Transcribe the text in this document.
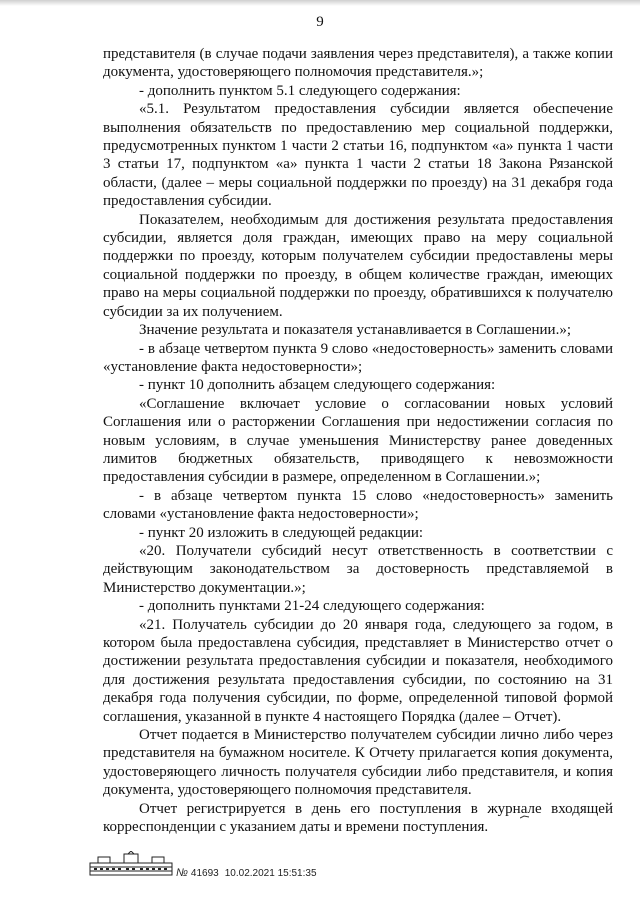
9

представителя (в случае подачи заявления через представителя), а также копии документа, удостоверяющего полномочия представителя.»;

- дополнить пунктом 5.1 следующего содержания:

«5.1. Результатом предоставления субсидии является обеспечение выполнения обязательств по предоставлению мер социальной поддержки, предусмотренных пунктом 1 части 2 статьи 16, подпунктом «а» пункта 1 части 3 статьи 17, подпунктом «а» пункта 1 части 2 статьи 18 Закона Рязанской области, (далее – меры социальной поддержки по проезду) на 31 декабря года предоставления субсидии.

Показателем, необходимым для достижения результата предоставления субсидии, является доля граждан, имеющих право на меру социальной поддержки по проезду, которым получателем субсидии предоставлены меры социальной поддержки по проезду, в общем количестве граждан, имеющих право на меры социальной поддержки по проезду, обратившихся к получателю субсидии за их получением.

Значение результата и показателя устанавливается в Соглашении.»;

- в абзаце четвертом пункта 9 слово «недостоверность» заменить словами «установление факта недостоверности»;

- пункт 10 дополнить абзацем следующего содержания:

«Соглашение включает условие о согласовании новых условий Соглашения или о расторжении Соглашения при недостижении согласия по новым условиям, в случае уменьшения Министерству ранее доведенных лимитов бюджетных обязательств, приводящего к невозможности предоставления субсидии в размере, определенном в Соглашении.»;

- в абзаце четвертом пункта 15 слово «недостоверность» заменить словами «установление факта недостоверности»;

- пункт 20 изложить в следующей редакции:

«20. Получатели субсидий несут ответственность в соответствии с действующим законодательством за достоверность представляемой в Министерство документации.»;

- дополнить пунктами 21-24 следующего содержания:

«21. Получатель субсидии до 20 января года, следующего за годом, в котором была предоставлена субсидия, представляет в Министерство отчет о достижении результата предоставления субсидии и показателя, необходимого для достижения результата предоставления субсидии, по состоянию на 31 декабря года получения субсидии, по форме, определенной типовой формой соглашения, указанной в пункте 4 настоящего Порядка (далее – Отчет).

Отчет подается в Министерство получателем субсидии лично либо через представителя на бумажном носителе. К Отчету прилагается копия документа, удостоверяющего личность получателя субсидии либо представителя, и копия документа, удостоверяющего полномочия представителя.

Отчет регистрируется в день его поступления в журнале входящей корреспонденции с указанием даты и времени поступления.

№ 41693 10.02.2021 15:51:35
